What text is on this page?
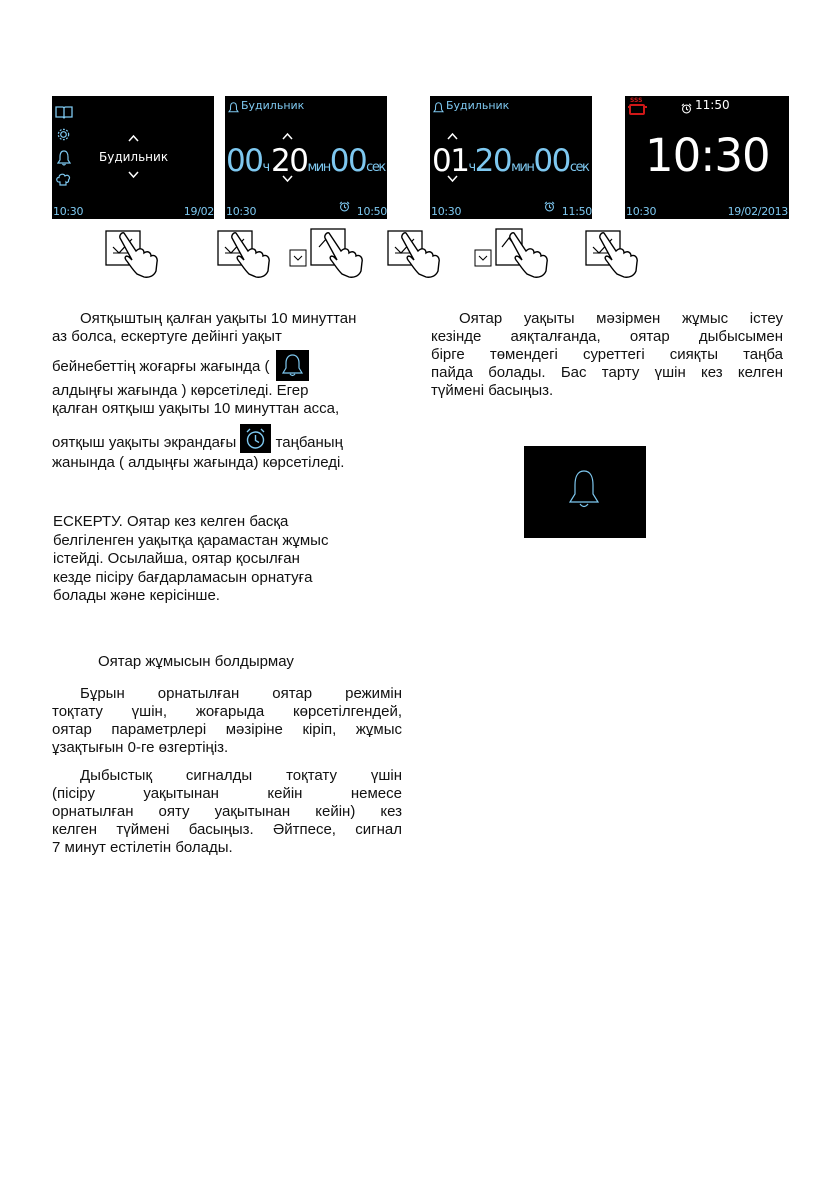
Будильник
10:30	19/02
Будильник
00ч 20мин00сек
10:30	10:50
Будильник
01ч20мин00сек
10:30	11:50
SSS	11:50
10:30
10:30	19/02/2013
Оятқыштың қалған уақыты 10 минуттан
аз болса, ескертуге дейінгі уақыт
бейнебеттің жоғарғы жағында (
алдыңғы жағында ) көрсетіледі. Егер
қалған оятқыш уақыты 10 минуттан асса,
оятқыш уақыты экрандағы	таңбаның
жанында ( алдыңғы жағында) көрсетіледі.
ЕСКЕРТУ. Оятар кез келген басқа
белгіленген уақытқа қарамастан жұмыс
істейді. Осылайша, оятар қосылған
кезде пісіру бағдарламасын орнатуға
болады және керісінше.
Оятар жұмысын болдырмау
Бұрын орнатылған оятар режимін
тоқтату үшін, жоғарыда көрсетілгендей,
оятар параметрлері мәзіріне кіріп, жұмыс
ұзақтығын 0-ге өзгертіңіз.
Дыбыстық сигналды тоқтату үшін
(пісіру уақытынан кейін немесе
орнатылған ояту уақытынан кейін) кез
келген түймені басыңыз. Әйтпесе, сигнал
7 минут естілетін болады.
Оятар уақыты мәзірмен жұмыс істеу
кезінде аяқталғанда, оятар дыбысымен
бірге төмендегі суреттегі сияқты таңба
пайда болады. Бас тарту үшін кез келген
түймені басыңыз.
